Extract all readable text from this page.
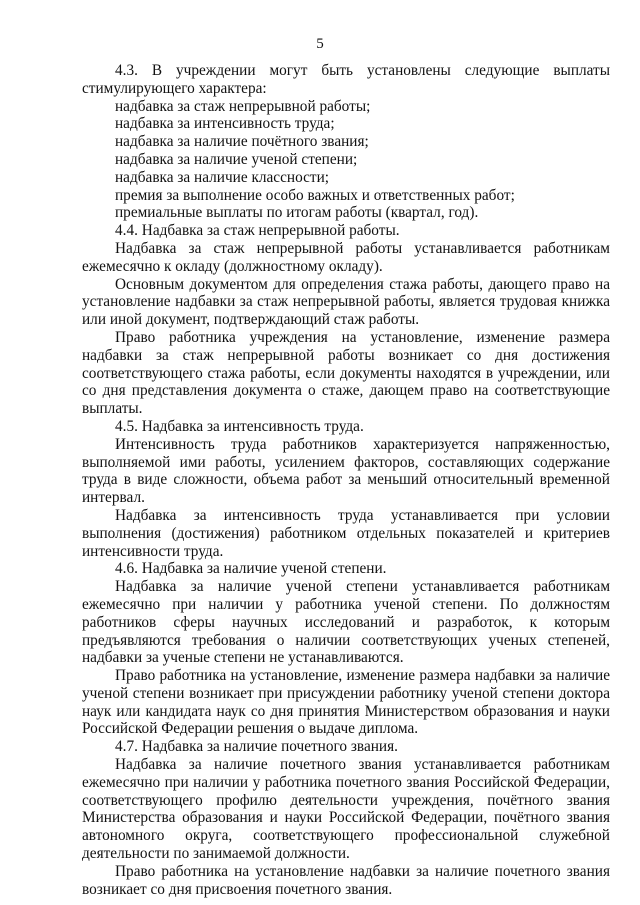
5

4.3. В учреждении могут быть установлены следующие выплаты стимулирующего характера:

надбавка за стаж непрерывной работы;

надбавка за интенсивность труда;

надбавка за наличие почётного звания;

надбавка за наличие ученой степени;

надбавка за наличие классности;

премия за выполнение особо важных и ответственных работ;

премиальные выплаты по итогам работы (квартал, год).

4.4. Надбавка за стаж непрерывной работы.

Надбавка за стаж непрерывной работы устанавливается работникам ежемесячно к окладу (должностному окладу).

Основным документом для определения стажа работы, дающего право на установление надбавки за стаж непрерывной работы, является трудовая книжка или иной документ, подтверждающий стаж работы.

Право работника учреждения на установление, изменение размера надбавки за стаж непрерывной работы возникает со дня достижения соответствующего стажа работы, если документы находятся в учреждении, или со дня представления документа о стаже, дающем право на соответствующие выплаты.

4.5. Надбавка за интенсивность труда.

Интенсивность труда работников характеризуется напряженностью, выполняемой ими работы, усилением факторов, составляющих содержание труда в виде сложности, объема работ за меньший относительный временной интервал.

Надбавка за интенсивность труда устанавливается при условии выполнения (достижения) работником отдельных показателей и критериев интенсивности труда.

4.6. Надбавка за наличие ученой степени.

Надбавка за наличие ученой степени устанавливается работникам ежемесячно при наличии у работника ученой степени. По должностям работников сферы научных исследований и разработок, к которым предъявляются требования о наличии соответствующих ученых степеней, надбавки за ученые степени не устанавливаются.

Право работника на установление, изменение размера надбавки за наличие ученой степени возникает при присуждении работнику ученой степени доктора наук или кандидата наук со дня принятия Министерством образования и науки Российской Федерации решения о выдаче диплома.

4.7. Надбавка за наличие почетного звания.

Надбавка за наличие почетного звания устанавливается работникам ежемесячно при наличии у работника почетного звания Российской Федерации, соответствующего профилю деятельности учреждения, почётного звания Министерства образования и науки Российской Федерации, почётного звания автономного округа, соответствующего профессиональной служебной деятельности по занимаемой должности.

Право работника на установление надбавки за наличие почетного звания возникает со дня присвоения почетного звания.
